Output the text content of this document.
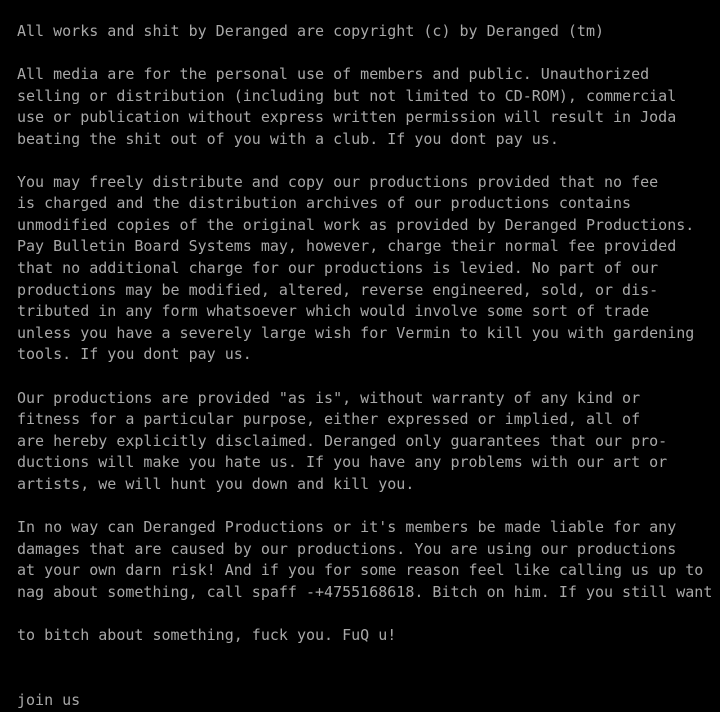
All works and shit by Deranged are copyright (c) by Deranged (tm)
All media are for the personal use of members and public. Unauthorized
selling or distribution (including but not limited to CD-ROM), commercial
use or publication without express written permission will result in Joda
beating the shit out of you with a club. If you dont pay us.
You may freely distribute and copy our productions provided that no fee
is charged and the distribution archives of our productions contains
unmodified copies of the original work as provided by Deranged Productions.
Pay Bulletin Board Systems may, however, charge their normal fee provided
that no additional charge for our productions is levied. No part of our
productions may be modified, altered, reverse engineered, sold, or dis-
tributed in any form whatsoever which would involve some sort of trade
unless you have a severely large wish for Vermin to kill you with gardening
tools. If you dont pay us.
Our productions are provided "as is", without warranty of any kind or
fitness for a particular purpose, either expressed or implied, all of
are hereby explicitly disclaimed. Deranged only guarantees that our pro-
ductions will make you hate us. If you have any problems with our art or
artists, we will hunt you down and kill you.
In no way can Deranged Productions or it's members be made liable for any
damages that are caused by our productions. You are using our productions
at your own darn risk! And if you for some reason feel like calling us up to
nag about something, call spaff -+4755168618. Bitch on him. If you still want
to bitch about something, fuck you. FuQ u!
join us
